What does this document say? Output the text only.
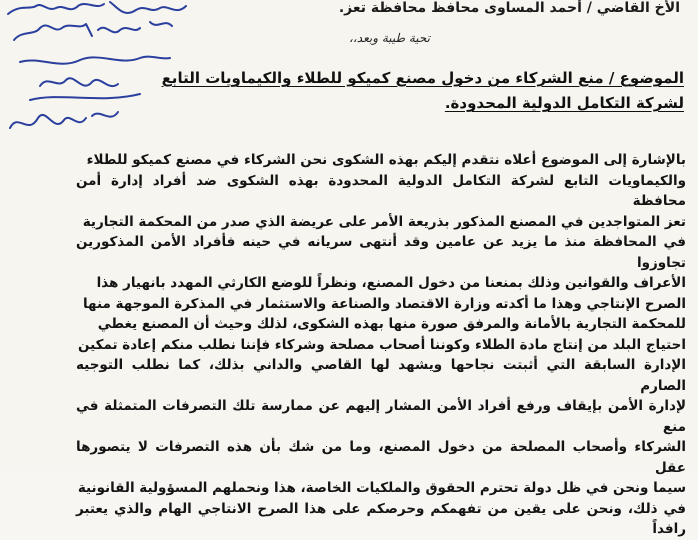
الأخ القاضي / أحمد المساوى محافظ محافظة تعز.
تحية طيبة وبعد،،
الموضوع / منع الشركاء من دخول مصنع كميكو للطلاء والكيماويات التابع
لشركة التكامل الدولية المحدودة.
بالإشارة إلى الموضوع أعلاه نتقدم إليكم بهذه الشكوى نحن الشركاء في مصنع كميكو للطلاء
والكيماويات التابع لشركة التكامل الدولية المحدودة بهذه الشكوى ضد أفراد إدارة أمن محافظة
تعز المتواجدين في المصنع المذكور بذريعة الأمر على عريضة الذي صدر من المحكمة التجارية
في المحافظة منذ ما يزيد عن عامين وقد أنتهى سريانه في حينه فأفراد الأمن المذكورين تجاوزوا
الأعراف والقوانين وذلك بمنعنا من دخول المصنع، ونظراً للوضع الكارثي المهدد بانهيار هذا
الصرح الإنتاجي وهذا ما أكدته وزارة الاقتصاد والصناعة والاستثمار في المذكرة الموجهة منها
للمحكمة التجارية بالأمانة والمرفق صورة منها بهذه الشكوى، لذلك وحيث أن المصنع يغطي
احتياج البلد من إنتاج مادة الطلاء وكوننا أصحاب مصلحة وشركاء فإننا نطلب منكم إعادة تمكين
الإدارة السابقة التي أثبتت نجاحها ويشهد لها القاصي والداني بذلك، كما نطلب التوجيه الصارم
لإدارة الأمن بإيقاف ورفع أفراد الأمن المشار إليهم عن ممارسة تلك التصرفات المتمثلة في منع
الشركاء وأصحاب المصلحة من دخول المصنع، وما من شك بأن هذه التصرفات لا يتصورها عقل
سيما ونحن في ظل دولة تحترم الحقوق والملكيات الخاصة، هذا ونحملهم المسؤولية القانونية
في ذلك، ونحن على يقين من تفهمكم وحرصكم على هذا الصرح الانتاجي الهام والذي يعتبر رافداً
